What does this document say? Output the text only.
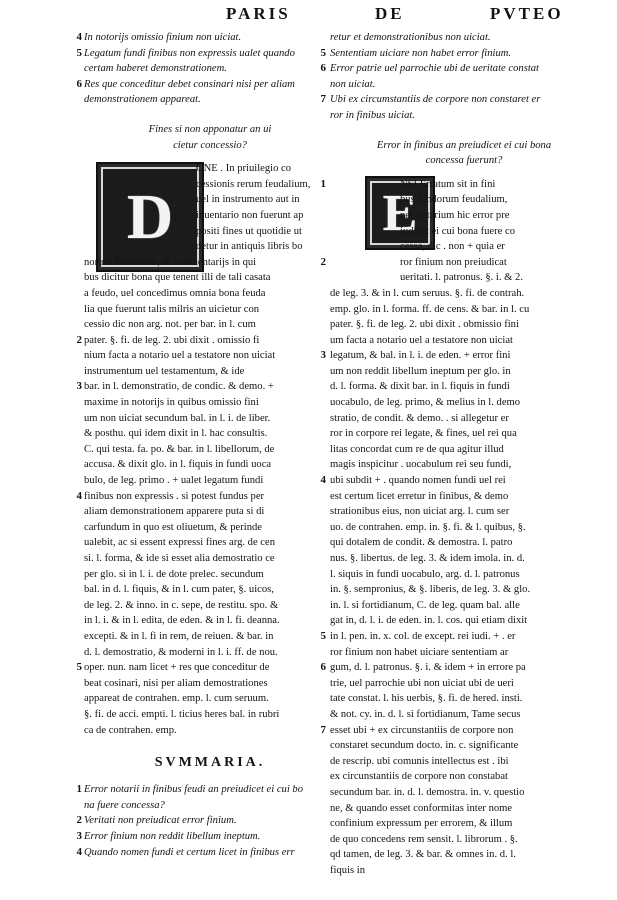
PARIS	DE	PVTEO
D	E
4 In notorijs omissio finium non uiciat.
5 Legatum fundi finibus non expressis ualet quando
certam haberet demonstrationem.
6 Res que conceditur debet consinari nisi per aliam
demonstrationem appareat.
Fines si non apponatur an ui
cietur concessio?
ONE . In priuilegio co
cessionis rerum feudalium,
uel in instrumento aut in
inuentario non fuerunt ap
positi fines ut quotidie ut
detur in antiquis libris bo
norum feudalium, & in inuentarijs in qui
bus dicitur bona que tenent illi de tali casata
a feudo, uel concedimus omnia bona feuda
lia que fuerunt talis milris an uicietur con
cessio dic non arg. not. per bar. in l. cum
2 pater. §. fi. de leg. 2. ubi dixit . omissio fi
nium facta a notario uel a testatore non uiciat
instrumentum uel testamentum, & ide
3 bar. in l. demonstratio, de condic. & demo. +
maxime in notorijs in quibus omissio fini
um non uiciat secundum bal. in l. i. de liber.
& posthu. qui idem dixit in l. hac consultis.
C. qui testa. fa. po. & bar. in l. libellorum, de
accusa. & dixit glo. in l. fiquis in fundi uoca
bulo, de leg. primo . + ualet legatum fundi
4 finibus non expressis . si potest fundus per
aliam demonstrationem apparere puta si di
carfundum in quo est oliuetum, & perinde
ualebit, ac si essent expressi fines arg. de cen
si. l. forma, & ide si esset alia demostratio ce
per glo. si in l. i. de dote prelec. secundum
bal. in d. l. fiquis, & in l. cum pater, §. uicos,
de leg. 2. & inno. in c. sepe, de restitu. spo. &
in l. i. & in l. edita, de eden. & in l. fi. deanna.
excepti. & in l. fi in rem, de reiuen. & bar. in
d. l. demostratio, & moderni in l. i. ff. de nou.
5 oper. nun. nam licet + res que conceditur de
beat cosinari, nisi per aliam demostrationes
appareat de contrahen. emp. l. cum seruum.
§. fi. de acci. empti. l. ticius heres bal. in rubri
ca de contrahen. emp.
SVMMARIA.
1 Error notarii in finibus feudi an preiudicet ei cui bo
na fuere concessa?
2 Veritati non preiudicat error finium.
3 Error finium non reddit libellum ineptum.
4 Quando nomen fundi et certum licet in finibus err
retur et demonstrationibus non uiciat.
5 Sententiam uiciare non habet error finium.
6 Error patrie uel parrochie ubi de ueritate constat
non uiciat.
7 Ubi ex circumstantiis de corpore non constaret er
ror in finibus uiciat.
Error in finibus an preiudicet ei cui bona
concessa fuerunt?
1	NSI Erratum sit in fini
bus fundorum feudalium,
per notarium hic error pre
iudicet ei cui bona fuere co
cessa, dic . non + quia er
2	ror finium non preiudicat
ueritati. l. patronus. §. i. & 2.
de leg. 3. & in l. cum seruus. §. fi. de contrah.
emp. glo. in l. forma. ff. de cens. & bar. in l. cu
pater. §. fi. de leg. 2. ubi dixit . obmissio fini
um facta a notario uel a testatore non uiciat
3 legatum, & bal. in l. i. de eden. + error fini
um non reddit libellum ineptum per glo. in
d. l. forma. & dixit bar. in l. fiquis in fundi
uocabulo, de leg. primo, & melius in l. demo
stratio, de condit. & demo. . si allegetur er
ror in corpore rei legate, & fines, uel rei qua
litas concordat cum re de qua agitur illud
magis inspicitur . uocabulum rei seu fundi,
4 ubi subdit + . quando nomen fundi uel rei
est certum licet erretur in finibus, & demo
strationibus eius, non uiciat arg. l. cum ser
uo. de contrahen. emp. in. §. fi. & l. quibus, §.
qui dotalem de condit. & demostra. l. patro
nus. §. libertus. de leg. 3. & idem imola. in. d.
l. siquis in fundi uocabulo, arg. d. l. patronus
in. §. sempronius, & §. liberis, de leg. 3. & glo.
in. l. si fortidianum, C. de leg. quam bal. alle
gat in, d. l. i. de eden. in. l. cos. qui etiam dixit
5 in l. pen. in. x. col. de except. rei iudi. + . er
ror finium non habet uiciare sententiam ar
6 gum, d. l. patronus. §. i. & idem + in errore pa
trie, uel parrochie ubi non uiciat ubi de ueri
tate constat. l. his uerbis, §. fi. de hered. insti.
& not. cy. in. d. l. si fortidianum, Tame secus
7 esset ubi + ex circunstantiis de corpore non
constaret secundum docto. in. c. significante
de rescrip. ubi comunis intellectus est . ibi
ex circunstantiis de corpore non constabat
secundum bar. in. d. l. demostra. in. v. questio
ne, & quando esset conformitas inter nome
confinium expressum per errorem, & illum
de quo concedens rem sensit. l. librorum . §.
qd tamen, de leg. 3. & bar. & omnes in. d. l.
fiquis in
